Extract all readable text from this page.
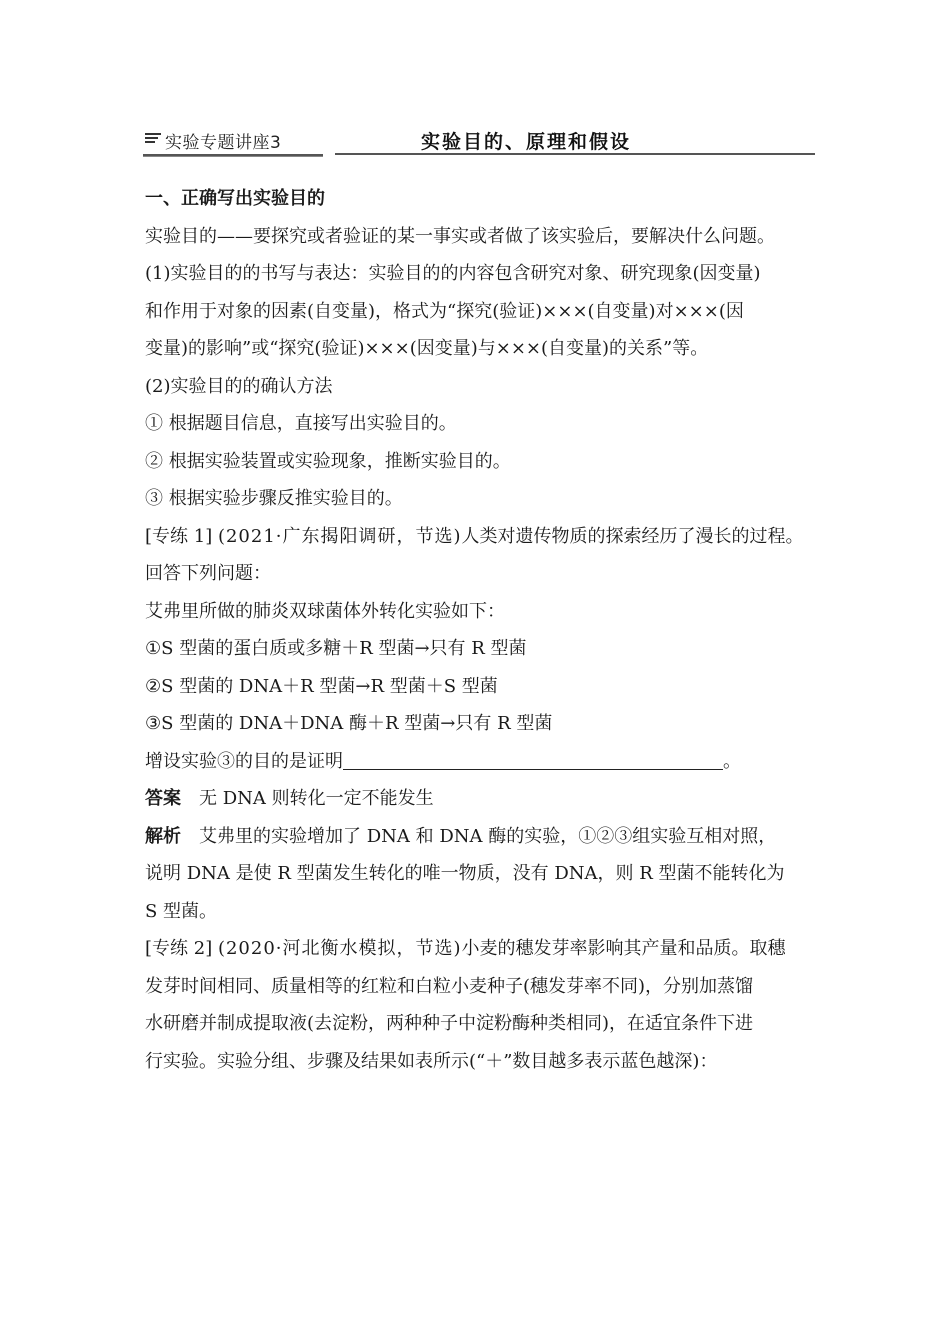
实验专题讲座3	实验目的、原理和假设
一、正确写出实验目的
实验目的——要探究或者验证的某一事实或者做了该实验后，要解决什么问题。
(1)实验目的的书写与表达：实验目的的内容包含研究对象、研究现象(因变量)
和作用于对象的因素(自变量)，格式为“探究(验证)×××(自变量)对×××(因
变量)的影响”或“探究(验证)×××(因变量)与×××(自变量)的关系”等。
(2)实验目的的确认方法
① 根据题目信息，直接写出实验目的。
② 根据实验装置或实验现象，推断实验目的。
③ 根据实验步骤反推实验目的。
[专练 1] (2021·广东揭阳调研，节选)人类对遗传物质的探索经历了漫长的过程。
回答下列问题：
艾弗里所做的肺炎双球菌体外转化实验如下：
①S 型菌的蛋白质或多糖＋R 型菌→只有 R 型菌
②S 型菌的 DNA＋R 型菌→R 型菌＋S 型菌
③S 型菌的 DNA＋DNA 酶＋R 型菌→只有 R 型菌
增设实验③的目的是证明	。
答案 无 DNA 则转化一定不能发生
解析 艾弗里的实验增加了 DNA 和 DNA 酶的实验，①②③组实验互相对照，
说明 DNA 是使 R 型菌发生转化的唯一物质，没有 DNA，则 R 型菌不能转化为
S 型菌。
[专练 2] (2020·河北衡水模拟，节选)小麦的穗发芽率影响其产量和品质。取穗
发芽时间相同、质量相等的红粒和白粒小麦种子(穗发芽率不同)，分别加蒸馏
水研磨并制成提取液(去淀粉，两种种子中淀粉酶种类相同)，在适宜条件下进
行实验。实验分组、步骤及结果如表所示(“＋”数目越多表示蓝色越深)：
